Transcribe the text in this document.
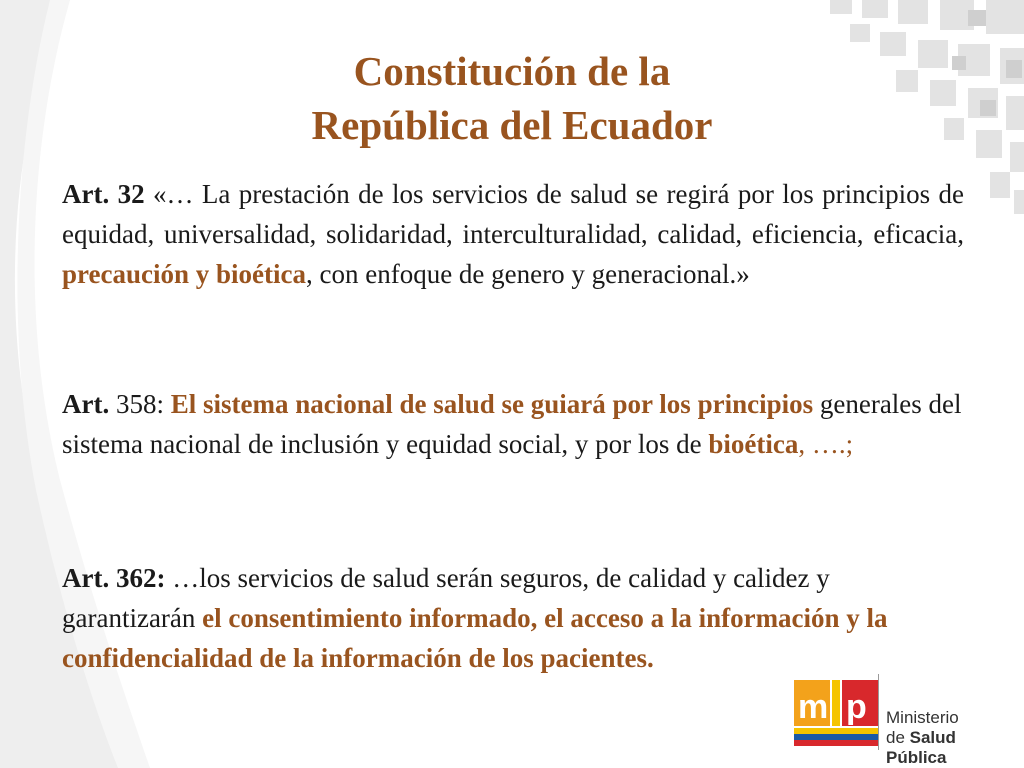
Constitución de la
República del Ecuador
Art. 32 «… La prestación de los servicios de salud se regirá por los principios de equidad, universalidad, solidaridad, interculturalidad, calidad, eficiencia, eficacia, precaución y bioética, con enfoque de genero y generacional.»
Art. 358: El sistema nacional de salud se guiará por los principios generales del sistema nacional de inclusión y equidad social, y por los de bioética, ….;
Art. 362: …los servicios de salud serán seguros, de calidad y calidez y garantizarán el consentimiento informado, el acceso a la información y la confidencialidad de la información de los pacientes.
m p Ministerio
de Salud Pública
